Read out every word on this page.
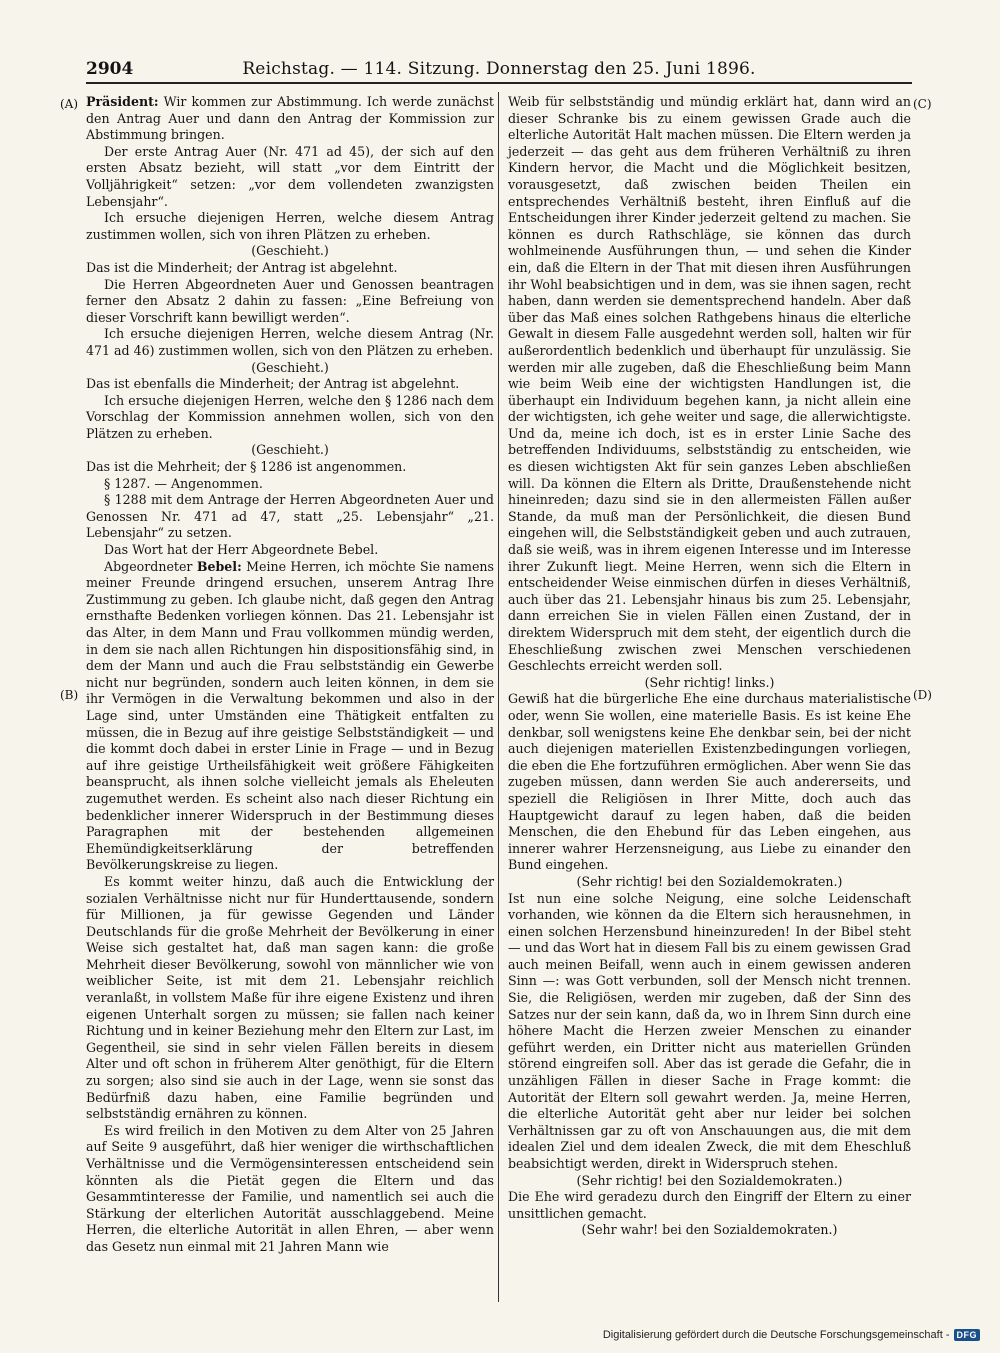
2904	Reichstag. — 114. Sitzung. Donnerstag den 25. Juni 1896.
(A)
(B)
(C)
(D)

Präsident: Wir kommen zur Abstimmung. Ich werde zunächst den Antrag Auer und dann den Antrag der Kommission zur Abstimmung bringen.

Der erste Antrag Auer (Nr. 471 ad 45), der sich auf den ersten Absatz bezieht, will statt „vor dem Eintritt der Volljährigkeit“ setzen: „vor dem vollendeten zwanzigsten Lebensjahr“.

Ich ersuche diejenigen Herren, welche diesem Antrag zustimmen wollen, sich von ihren Plätzen zu erheben.

(Geschieht.)

Das ist die Minderheit; der Antrag ist abgelehnt.

Die Herren Abgeordneten Auer und Genossen beantragen ferner den Absatz 2 dahin zu fassen: „Eine Befreiung von dieser Vorschrift kann bewilligt werden“.

Ich ersuche diejenigen Herren, welche diesem Antrag (Nr. 471 ad 46) zustimmen wollen, sich von den Plätzen zu erheben.

(Geschieht.)

Das ist ebenfalls die Minderheit; der Antrag ist abgelehnt.

Ich ersuche diejenigen Herren, welche den § 1286 nach dem Vorschlag der Kommission annehmen wollen, sich von den Plätzen zu erheben.

(Geschieht.)

Das ist die Mehrheit; der § 1286 ist angenommen.

§ 1287. — Angenommen.

§ 1288 mit dem Antrage der Herren Abgeordneten Auer und Genossen Nr. 471 ad 47, statt „25. Lebensjahr“ „21. Lebensjahr“ zu setzen.

Das Wort hat der Herr Abgeordnete Bebel.

Abgeordneter Bebel: Meine Herren, ich möchte Sie namens meiner Freunde dringend ersuchen, unserem Antrag Ihre Zustimmung zu geben. Ich glaube nicht, daß gegen den Antrag ernsthafte Bedenken vorliegen können. Das 21. Lebensjahr ist das Alter, in dem Mann und Frau vollkommen mündig werden, in dem sie nach allen Richtungen hin dispositionsfähig sind, in dem der Mann und auch die Frau selbstständig ein Gewerbe nicht nur begründen, sondern auch leiten können, in dem sie ihr Vermögen in die Verwaltung bekommen und also in der Lage sind, unter Umständen eine Thätigkeit entfalten zu müssen, die in Bezug auf ihre geistige Selbstständigkeit — und die kommt doch dabei in erster Linie in Frage — und in Bezug auf ihre geistige Urtheilsfähigkeit weit größere Fähigkeiten beansprucht, als ihnen solche vielleicht jemals als Eheleuten zugemuthet werden. Es scheint also nach dieser Richtung ein bedenklicher innerer Widerspruch in der Bestimmung dieses Paragraphen mit der bestehenden allgemeinen Ehemündigkeitserklärung der betreffenden Bevölkerungskreise zu liegen.

Es kommt weiter hinzu, daß auch die Entwicklung der sozialen Verhältnisse nicht nur für Hunderttausende, sondern für Millionen, ja für gewisse Gegenden und Länder Deutschlands für die große Mehrheit der Bevölkerung in einer Weise sich gestaltet hat, daß man sagen kann: die große Mehrheit dieser Bevölkerung, sowohl von männlicher wie von weiblicher Seite, ist mit dem 21. Lebensjahr reichlich veranlaßt, in vollstem Maße für ihre eigene Existenz und ihren eigenen Unterhalt sorgen zu müssen; sie fallen nach keiner Richtung und in keiner Beziehung mehr den Eltern zur Last, im Gegentheil, sie sind in sehr vielen Fällen bereits in diesem Alter und oft schon in früherem Alter genöthigt, für die Eltern zu sorgen; also sind sie auch in der Lage, wenn sie sonst das Bedürfniß dazu haben, eine Familie begründen und selbstständig ernähren zu können.

Es wird freilich in den Motiven zu dem Alter von 25 Jahren auf Seite 9 ausgeführt, daß hier weniger die wirthschaftlichen Verhältnisse und die Vermögensinteressen entscheidend sein könnten als die Pietät gegen die Eltern und das Gesammtinteresse der Familie, und namentlich sei auch die Stärkung der elterlichen Autorität ausschlaggebend. Meine Herren, die elterliche Autorität in allen Ehren, — aber wenn das Gesetz nun einmal mit 21 Jahren Mann wie

Weib für selbstständig und mündig erklärt hat, dann wird an dieser Schranke bis zu einem gewissen Grade auch die elterliche Autorität Halt machen müssen. Die Eltern werden ja jederzeit — das geht aus dem früheren Verhältniß zu ihren Kindern hervor, die Macht und die Möglichkeit besitzen, vorausgesetzt, daß zwischen beiden Theilen ein entsprechendes Verhältniß besteht, ihren Einfluß auf die Entscheidungen ihrer Kinder jederzeit geltend zu machen. Sie können es durch Rathschläge, sie können das durch wohlmeinende Ausführungen thun, — und sehen die Kinder ein, daß die Eltern in der That mit diesen ihren Ausführungen ihr Wohl beabsichtigen und in dem, was sie ihnen sagen, recht haben, dann werden sie dementsprechend handeln. Aber daß über das Maß eines solchen Rathgebens hinaus die elterliche Gewalt in diesem Falle ausgedehnt werden soll, halten wir für außerordentlich bedenklich und überhaupt für unzulässig. Sie werden mir alle zugeben, daß die Eheschließung beim Mann wie beim Weib eine der wichtigsten Handlungen ist, die überhaupt ein Individuum begehen kann, ja nicht allein eine der wichtigsten, ich gehe weiter und sage, die allerwichtigste. Und da, meine ich doch, ist es in erster Linie Sache des betreffenden Individuums, selbstständig zu entscheiden, wie es diesen wichtigsten Akt für sein ganzes Leben abschließen will. Da können die Eltern als Dritte, Draußenstehende nicht hineinreden; dazu sind sie in den allermeisten Fällen außer Stande, da muß man der Persönlichkeit, die diesen Bund eingehen will, die Selbstständigkeit geben und auch zutrauen, daß sie weiß, was in ihrem eigenen Interesse und im Interesse ihrer Zukunft liegt. Meine Herren, wenn sich die Eltern in entscheidender Weise einmischen dürfen in dieses Verhältniß, auch über das 21. Lebensjahr hinaus bis zum 25. Lebensjahr, dann erreichen Sie in vielen Fällen einen Zustand, der in direktem Widerspruch mit dem steht, der eigentlich durch die Eheschließung zwischen zwei Menschen verschiedenen Geschlechts erreicht werden soll.

(Sehr richtig! links.)

Gewiß hat die bürgerliche Ehe eine durchaus materialistische oder, wenn Sie wollen, eine materielle Basis. Es ist keine Ehe denkbar, soll wenigstens keine Ehe denkbar sein, bei der nicht auch diejenigen materiellen Existenzbedingungen vorliegen, die eben die Ehe fortzuführen ermöglichen. Aber wenn Sie das zugeben müssen, dann werden Sie auch andererseits, und speziell die Religiösen in Ihrer Mitte, doch auch das Hauptgewicht darauf zu legen haben, daß die beiden Menschen, die den Ehebund für das Leben eingehen, aus innerer wahrer Herzensneigung, aus Liebe zu einander den Bund eingehen.

(Sehr richtig! bei den Sozialdemokraten.)

Ist nun eine solche Neigung, eine solche Leidenschaft vorhanden, wie können da die Eltern sich herausnehmen, in einen solchen Herzensbund hineinzureden! In der Bibel steht — und das Wort hat in diesem Fall bis zu einem gewissen Grad auch meinen Beifall, wenn auch in einem gewissen anderen Sinn —: was Gott verbunden, soll der Mensch nicht trennen. Sie, die Religiösen, werden mir zugeben, daß der Sinn des Satzes nur der sein kann, daß da, wo in Ihrem Sinn durch eine höhere Macht die Herzen zweier Menschen zu einander geführt werden, ein Dritter nicht aus materiellen Gründen störend eingreifen soll. Aber das ist gerade die Gefahr, die in unzähligen Fällen in dieser Sache in Frage kommt: die Autorität der Eltern soll gewahrt werden. Ja, meine Herren, die elterliche Autorität geht aber nur leider bei solchen Verhältnissen gar zu oft von Anschauungen aus, die mit dem idealen Ziel und dem idealen Zweck, die mit dem Eheschluß beabsichtigt werden, direkt in Widerspruch stehen.

(Sehr richtig! bei den Sozialdemokraten.)

Die Ehe wird geradezu durch den Eingriff der Eltern zu einer unsittlichen gemacht.

(Sehr wahr! bei den Sozialdemokraten.)

Digitalisierung gefördert durch die Deutsche Forschungsgemeinschaft - DFG
